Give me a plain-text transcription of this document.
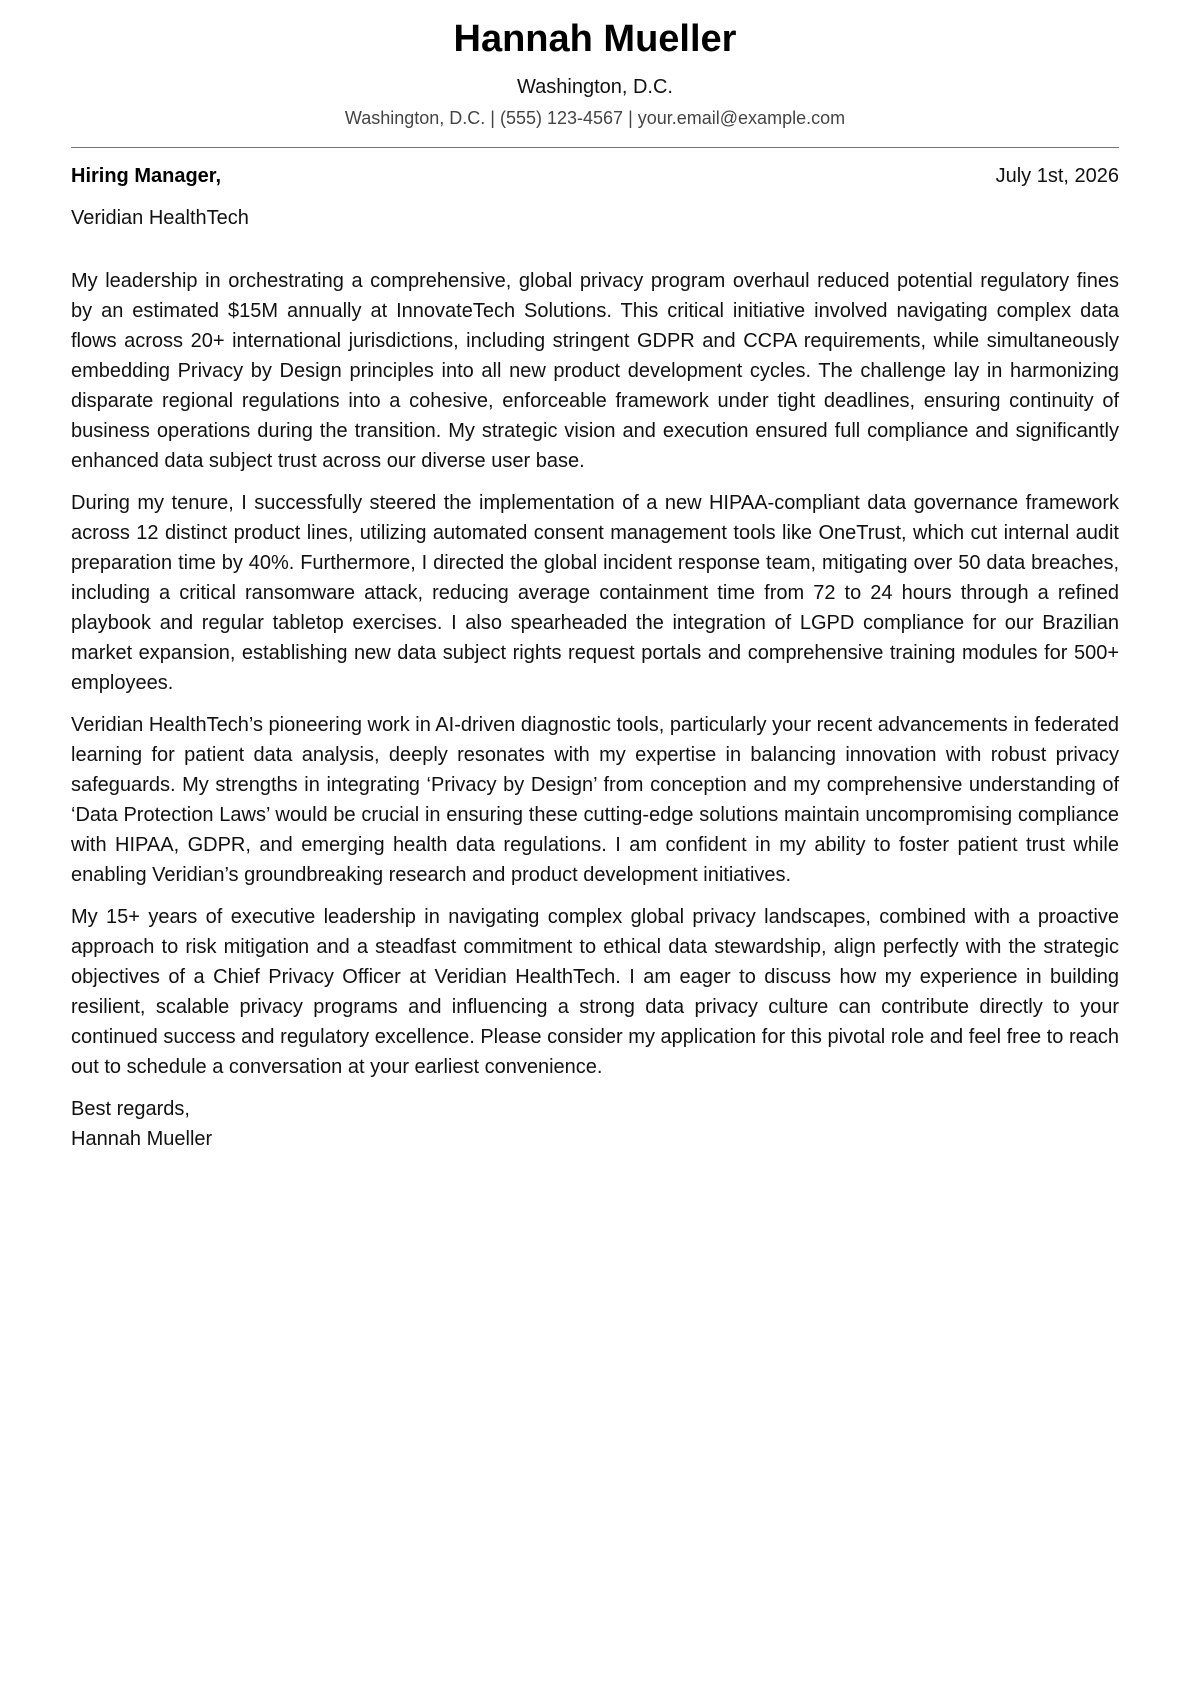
Hannah Mueller
Washington, D.C.
Washington, D.C. | (555) 123-4567 | your.email@example.com
Hiring Manager,	July 1st, 2026
Veridian HealthTech

My leadership in orchestrating a comprehensive, global privacy program overhaul reduced potential regulatory fines by an estimated $15M annually at InnovateTech Solutions. This critical initiative involved navigating complex data flows across 20+ international jurisdictions, including stringent GDPR and CCPA requirements, while simultaneously embedding Privacy by Design principles into all new product development cycles. The challenge lay in harmonizing disparate regional regulations into a cohesive, enforceable framework under tight deadlines, ensuring continuity of business operations during the transition. My strategic vision and execution ensured full compliance and significantly enhanced data subject trust across our diverse user base.

During my tenure, I successfully steered the implementation of a new HIPAA-compliant data governance framework across 12 distinct product lines, utilizing automated consent management tools like OneTrust, which cut internal audit preparation time by 40%. Furthermore, I directed the global incident response team, mitigating over 50 data breaches, including a critical ransomware attack, reducing average containment time from 72 to 24 hours through a refined playbook and regular tabletop exercises. I also spearheaded the integration of LGPD compliance for our Brazilian market expansion, establishing new data subject rights request portals and comprehensive training modules for 500+ employees.

Veridian HealthTech’s pioneering work in AI-driven diagnostic tools, particularly your recent advancements in federated learning for patient data analysis, deeply resonates with my expertise in balancing innovation with robust privacy safeguards. My strengths in integrating ‘Privacy by Design’ from conception and my comprehensive understanding of ‘Data Protection Laws’ would be crucial in ensuring these cutting-edge solutions maintain uncompromising compliance with HIPAA, GDPR, and emerging health data regulations. I am confident in my ability to foster patient trust while enabling Veridian’s groundbreaking research and product development initiatives.

My 15+ years of executive leadership in navigating complex global privacy landscapes, combined with a proactive approach to risk mitigation and a steadfast commitment to ethical data stewardship, align perfectly with the strategic objectives of a Chief Privacy Officer at Veridian HealthTech. I am eager to discuss how my experience in building resilient, scalable privacy programs and influencing a strong data privacy culture can contribute directly to your continued success and regulatory excellence. Please consider my application for this pivotal role and feel free to reach out to schedule a conversation at your earliest convenience.

Best regards,
Hannah Mueller
